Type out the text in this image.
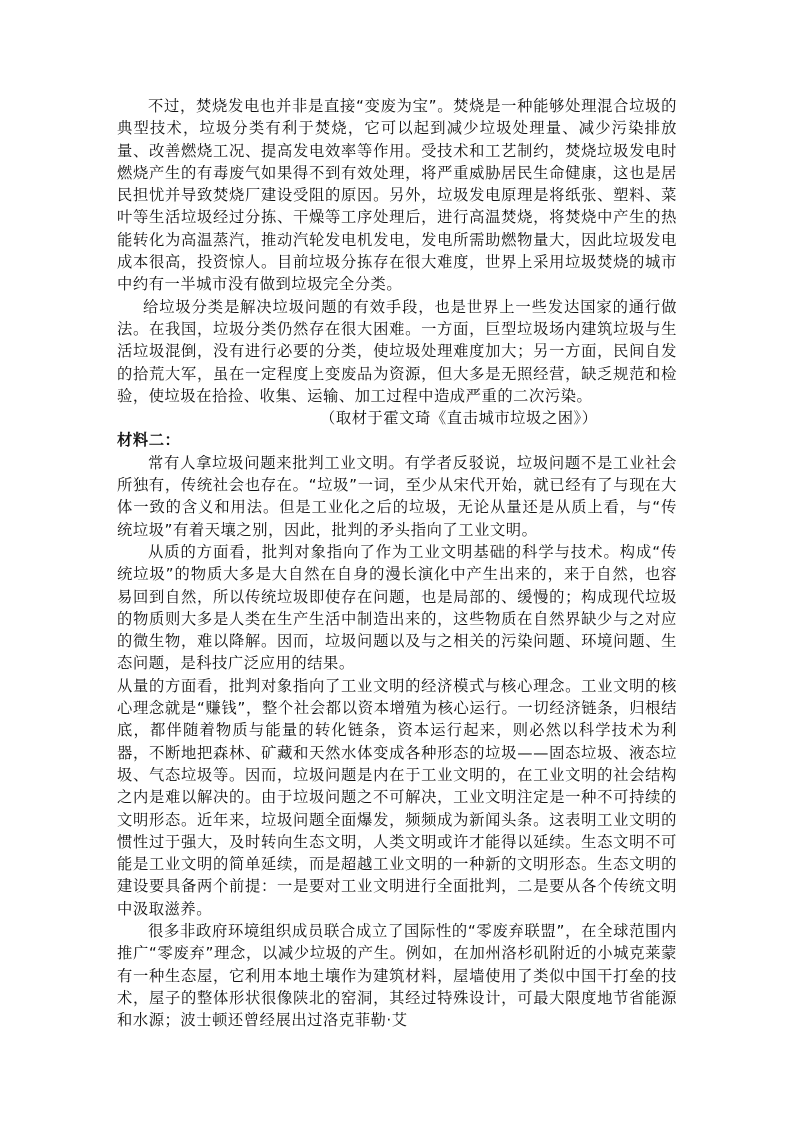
不过，焚烧发电也并非是直接“变废为宝”。焚烧是一种能够处理混合垃圾的典型技术，垃圾分类有利于焚烧，它可以起到减少垃圾处理量、减少污染排放量、改善燃烧工况、提高发电效率等作用。受技术和工艺制约，焚烧垃圾发电时燃烧产生的有毒废气如果得不到有效处理，将严重威胁居民生命健康，这也是居民担忧并导致焚烧厂建设受阻的原因。另外，垃圾发电原理是将纸张、塑料、菜叶等生活垃圾经过分拣、干燥等工序处理后，进行高温焚烧，将焚烧中产生的热能转化为高温蒸汽，推动汽轮发电机发电，发电所需助燃物量大，因此垃圾发电成本很高，投资惊人。目前垃圾分拣存在很大难度，世界上采用垃圾焚烧的城市中约有一半城市没有做到垃圾完全分类。

给垃圾分类是解决垃圾问题的有效手段，也是世界上一些发达国家的通行做法。在我国，垃圾分类仍然存在很大困难。一方面，巨型垃圾场内建筑垃圾与生活垃圾混倒，没有进行必要的分类，使垃圾处理难度加大；另一方面，民间自发的拾荒大军，虽在一定程度上变废品为资源，但大多是无照经营，缺乏规范和检验，使垃圾在拾捡、收集、运输、加工过程中造成严重的二次污染。

（取材于霍文琦《直击城市垃圾之困》）

材料二：

常有人拿垃圾问题来批判工业文明。有学者反驳说，垃圾问题不是工业社会所独有，传统社会也存在。“垃圾”一词，至少从宋代开始，就已经有了与现在大体一致的含义和用法。但是工业化之后的垃圾，无论从量还是从质上看，与“传统垃圾”有着天壤之别，因此，批判的矛头指向了工业文明。

从质的方面看，批判对象指向了作为工业文明基础的科学与技术。构成“传统垃圾”的物质大多是大自然在自身的漫长演化中产生出来的，来于自然，也容易回到自然，所以传统垃圾即使存在问题，也是局部的、缓慢的；构成现代垃圾的物质则大多是人类在生产生活中制造出来的，这些物质在自然界缺少与之对应的微生物，难以降解。因而，垃圾问题以及与之相关的污染问题、环境问题、生态问题，是科技广泛应用的结果。

从量的方面看，批判对象指向了工业文明的经济模式与核心理念。工业文明的核心理念就是“赚钱”，整个社会都以资本增殖为核心运行。一切经济链条，归根结底，都伴随着物质与能量的转化链条，资本运行起来，则必然以科学技术为利器，不断地把森林、矿藏和天然水体变成各种形态的垃圾——固态垃圾、液态垃圾、气态垃圾等。因而，垃圾问题是内在于工业文明的，在工业文明的社会结构之内是难以解决的。由于垃圾问题之不可解决，工业文明注定是一种不可持续的文明形态。近年来，垃圾问题全面爆发，频频成为新闻头条。这表明工业文明的惯性过于强大，及时转向生态文明，人类文明或许才能得以延续。生态文明不可能是工业文明的简单延续，而是超越工业文明的一种新的文明形态。生态文明的建设要具备两个前提：一是要对工业文明进行全面批判，二是要从各个传统文明中汲取滋养。

很多非政府环境组织成员联合成立了国际性的“零废弃联盟”，在全球范围内推广“零废弃”理念，以减少垃圾的产生。例如，在加州洛杉矶附近的小城克莱蒙有一种生态屋，它利用本地土壤作为建筑材料，屋墙使用了类似中国干打垒的技术，屋子的整体形状很像陕北的窑洞，其经过特殊设计，可最大限度地节省能源和水源；波士顿还曾经展出过洛克菲勒·艾
